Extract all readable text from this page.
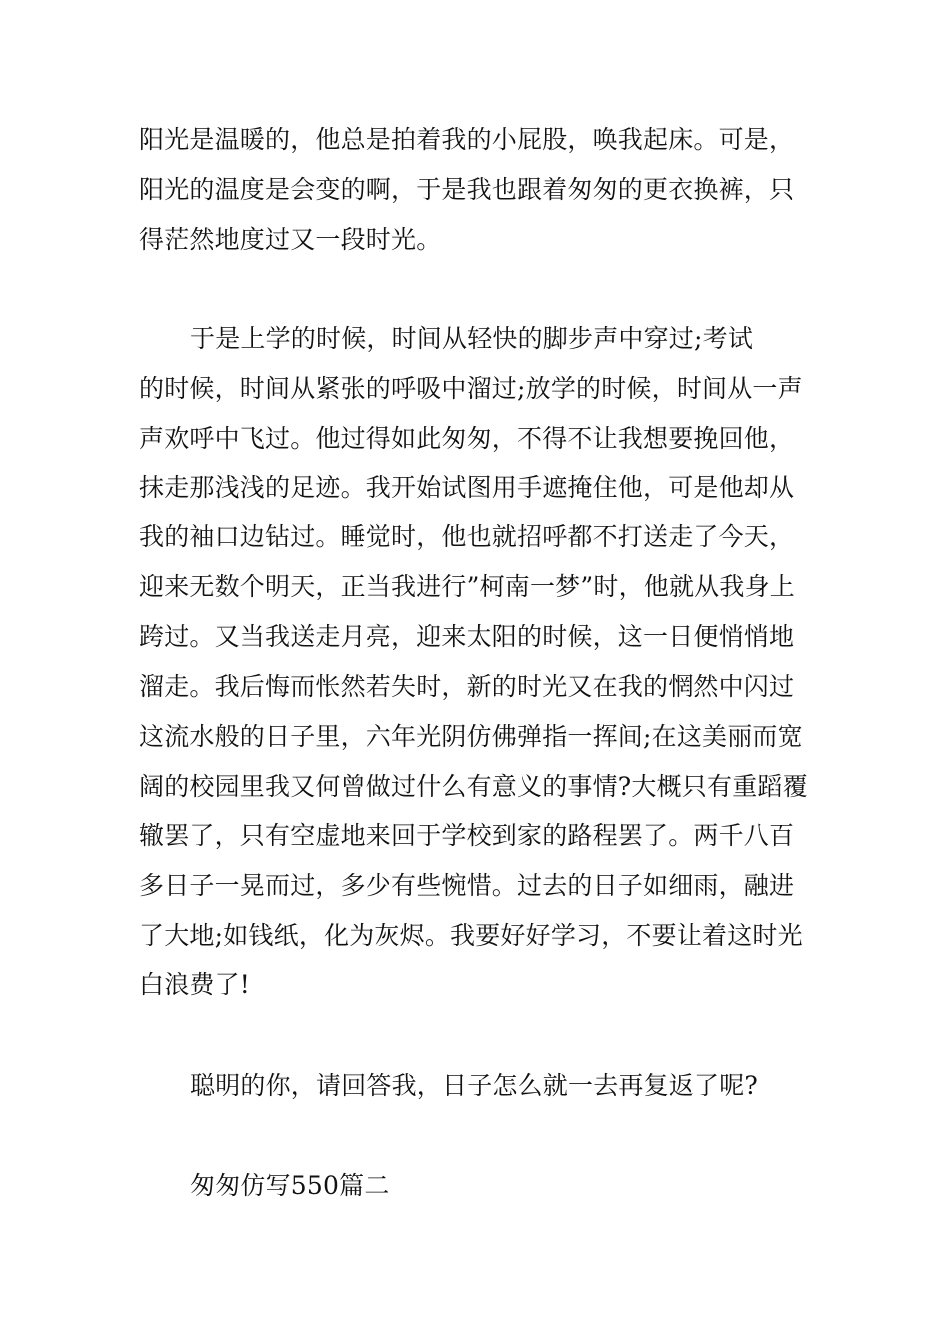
阳光是温暖的，他总是拍着我的小屁股，唤我起床。可是，
阳光的温度是会变的啊，于是我也跟着匆匆的更衣换裤，只
得茫然地度过又一段时光。
于是上学的时候，时间从轻快的脚步声中穿过;考试
的时候，时间从紧张的呼吸中溜过;放学的时候，时间从一声
声欢呼中飞过。他过得如此匆匆，不得不让我想要挽回他，
抹走那浅浅的足迹。我开始试图用手遮掩住他，可是他却从
我的袖口边钻过。睡觉时，他也就招呼都不打送走了今天，
迎来无数个明天，正当我进行”柯南一梦”时，他就从我身上
跨过。又当我送走月亮，迎来太阳的时候，这一日便悄悄地
溜走。我后悔而怅然若失时，新的时光又在我的惘然中闪过
这流水般的日子里，六年光阴仿佛弹指一挥间;在这美丽而宽
阔的校园里我又何曾做过什么有意义的事情?大概只有重蹈覆
辙罢了，只有空虚地来回于学校到家的路程罢了。两千八百
多日子一晃而过，多少有些惋惜。过去的日子如细雨，融进
了大地;如钱纸，化为灰烬。我要好好学习，不要让着这时光
白浪费了!
聪明的你，请回答我，日子怎么就一去再复返了呢?
匆匆仿写550篇二
